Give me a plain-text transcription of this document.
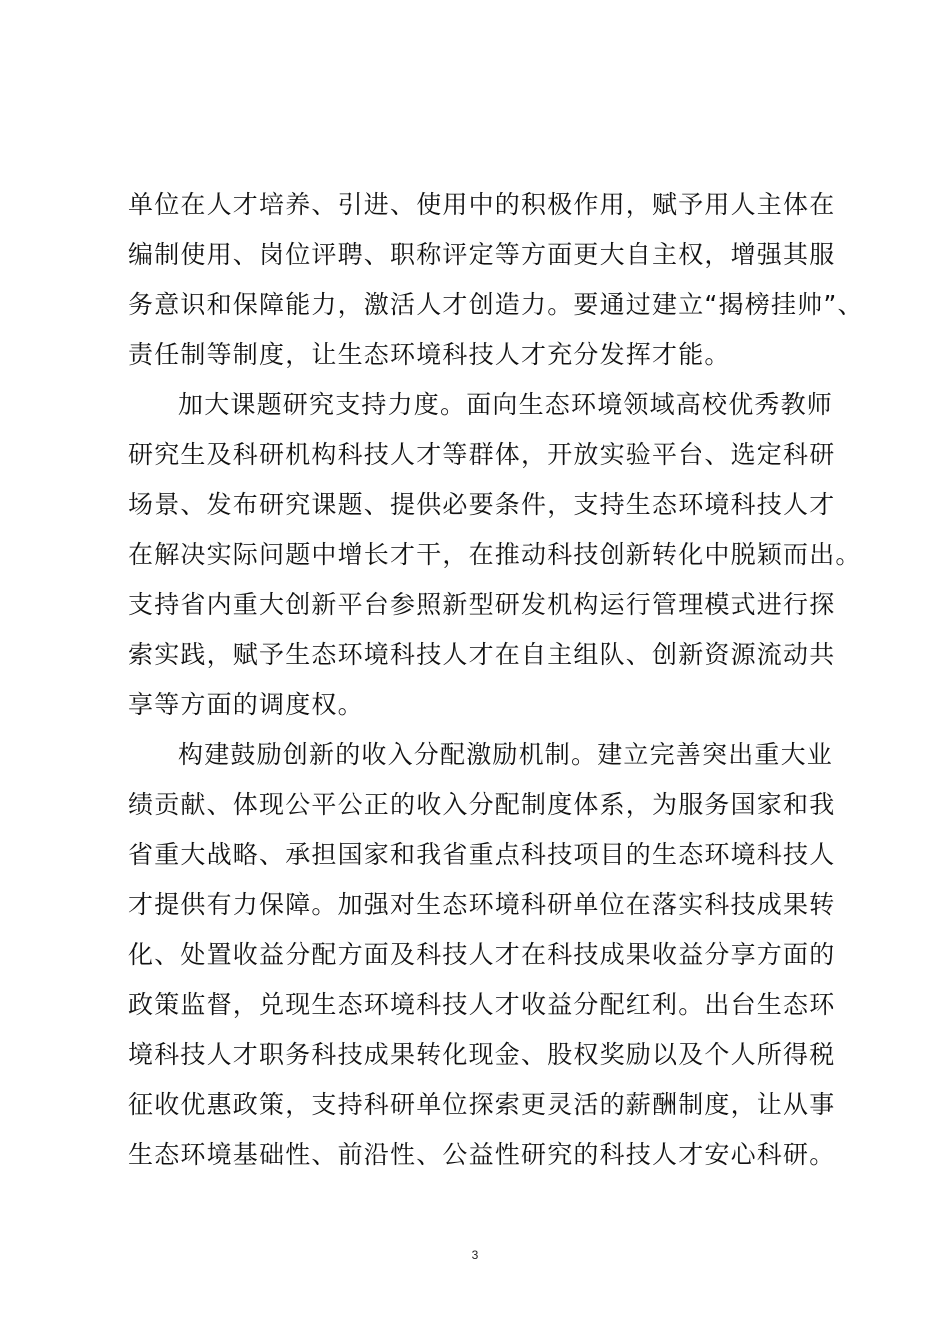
单位在人才培养、引进、使用中的积极作用，赋予用人主体在
编制使用、岗位评聘、职称评定等方面更大自主权，增强其服
务意识和保障能力，激活人才创造力。要通过建立“揭榜挂帅”、
责任制等制度，让生态环境科技人才充分发挥才能。
加大课题研究支持力度。面向生态环境领域高校优秀教师
研究生及科研机构科技人才等群体，开放实验平台、选定科研
场景、发布研究课题、提供必要条件，支持生态环境科技人才
在解决实际问题中增长才干，在推动科技创新转化中脱颖而出。
支持省内重大创新平台参照新型研发机构运行管理模式进行探
索实践，赋予生态环境科技人才在自主组队、创新资源流动共
享等方面的调度权。
构建鼓励创新的收入分配激励机制。建立完善突出重大业
绩贡献、体现公平公正的收入分配制度体系，为服务国家和我
省重大战略、承担国家和我省重点科技项目的生态环境科技人
才提供有力保障。加强对生态环境科研单位在落实科技成果转
化、处置收益分配方面及科技人才在科技成果收益分享方面的
政策监督，兑现生态环境科技人才收益分配红利。出台生态环
境科技人才职务科技成果转化现金、股权奖励以及个人所得税
征收优惠政策，支持科研单位探索更灵活的薪酬制度，让从事
生态环境基础性、前沿性、公益性研究的科技人才安心科研。
3
